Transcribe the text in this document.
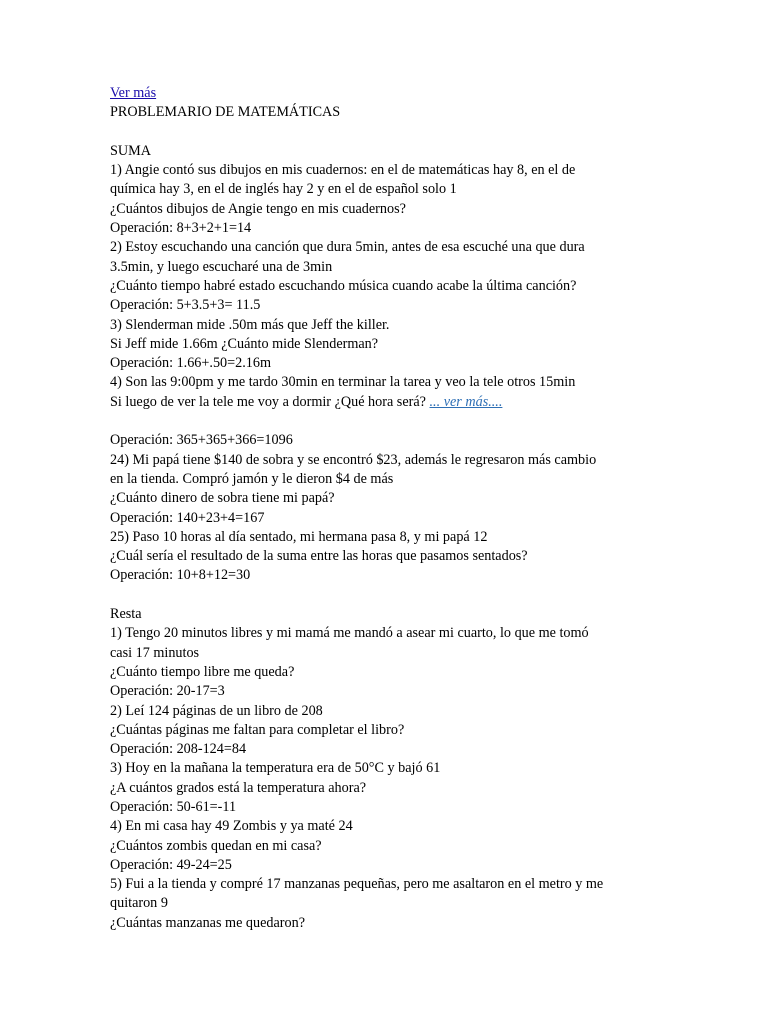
Ver más
PROBLEMARIO DE MATEMÁTICAS
SUMA
1) Angie contó sus dibujos en mis cuadernos: en el de matemáticas hay 8, en el de
química hay 3, en el de inglés hay 2 y en el de español solo 1
¿Cuántos dibujos de Angie tengo en mis cuadernos?
Operación: 8+3+2+1=14
2) Estoy escuchando una canción que dura 5min, antes de esa escuché una que dura
3.5min, y luego escucharé una de 3min
¿Cuánto tiempo habré estado escuchando música cuando acabe la última canción?
Operación: 5+3.5+3= 11.5
3) Slenderman mide .50m más que Jeff the killer.
Si Jeff mide 1.66m ¿Cuánto mide Slenderman?
Operación: 1.66+.50=2.16m
4) Son las 9:00pm y me tardo 30min en terminar la tarea y veo la tele otros 15min
Si luego de ver la tele me voy a dormir ¿Qué hora será? ... ver más....
Operación: 365+365+366=1096
24) Mi papá tiene $140 de sobra y se encontró $23, además le regresaron más cambio
en la tienda. Compró jamón y le dieron $4 de más
¿Cuánto dinero de sobra tiene mi papá?
Operación: 140+23+4=167
25) Paso 10 horas al día sentado, mi hermana pasa 8, y mi papá 12
¿Cuál sería el resultado de la suma entre las horas que pasamos sentados?
Operación: 10+8+12=30
Resta
1) Tengo 20 minutos libres y mi mamá me mandó a asear mi cuarto, lo que me tomó
casi 17 minutos
¿Cuánto tiempo libre me queda?
Operación: 20-17=3
2) Leí 124 páginas de un libro de 208
¿Cuántas páginas me faltan para completar el libro?
Operación: 208-124=84
3) Hoy en la mañana la temperatura era de 50°C y bajó 61
¿A cuántos grados está la temperatura ahora?
Operación: 50-61=-11
4) En mi casa hay 49 Zombis y ya maté 24
¿Cuántos zombis quedan en mi casa?
Operación: 49-24=25
5) Fui a la tienda y compré 17 manzanas pequeñas, pero me asaltaron en el metro y me
quitaron 9
¿Cuántas manzanas me quedaron?
